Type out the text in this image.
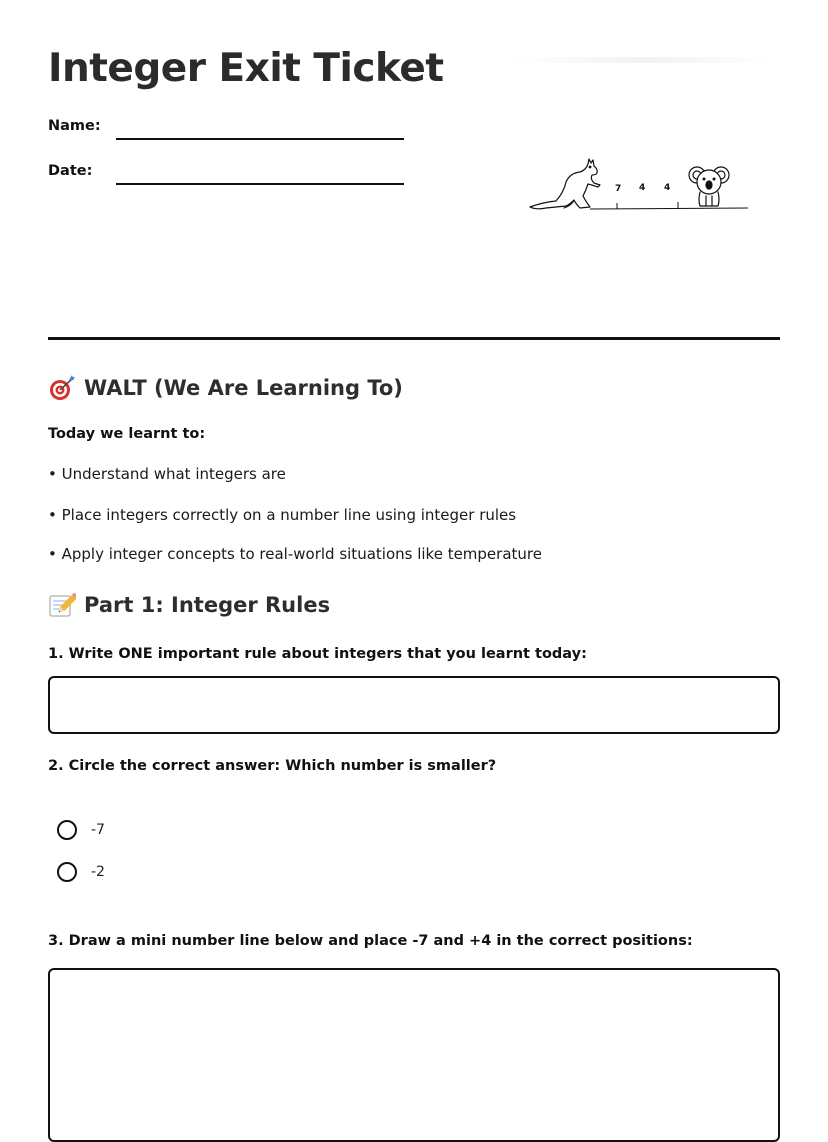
Integer Exit Ticket
Name:
Date:
7 4 4
WALT (We Are Learning To)
Today we learnt to:
• Understand what integers are
• Place integers correctly on a number line using integer rules
• Apply integer concepts to real-world situations like temperature
Part 1: Integer Rules
1. Write ONE important rule about integers that you learnt today:
2. Circle the correct answer: Which number is smaller?
-7
-2
3. Draw a mini number line below and place -7 and +4 in the correct positions:
